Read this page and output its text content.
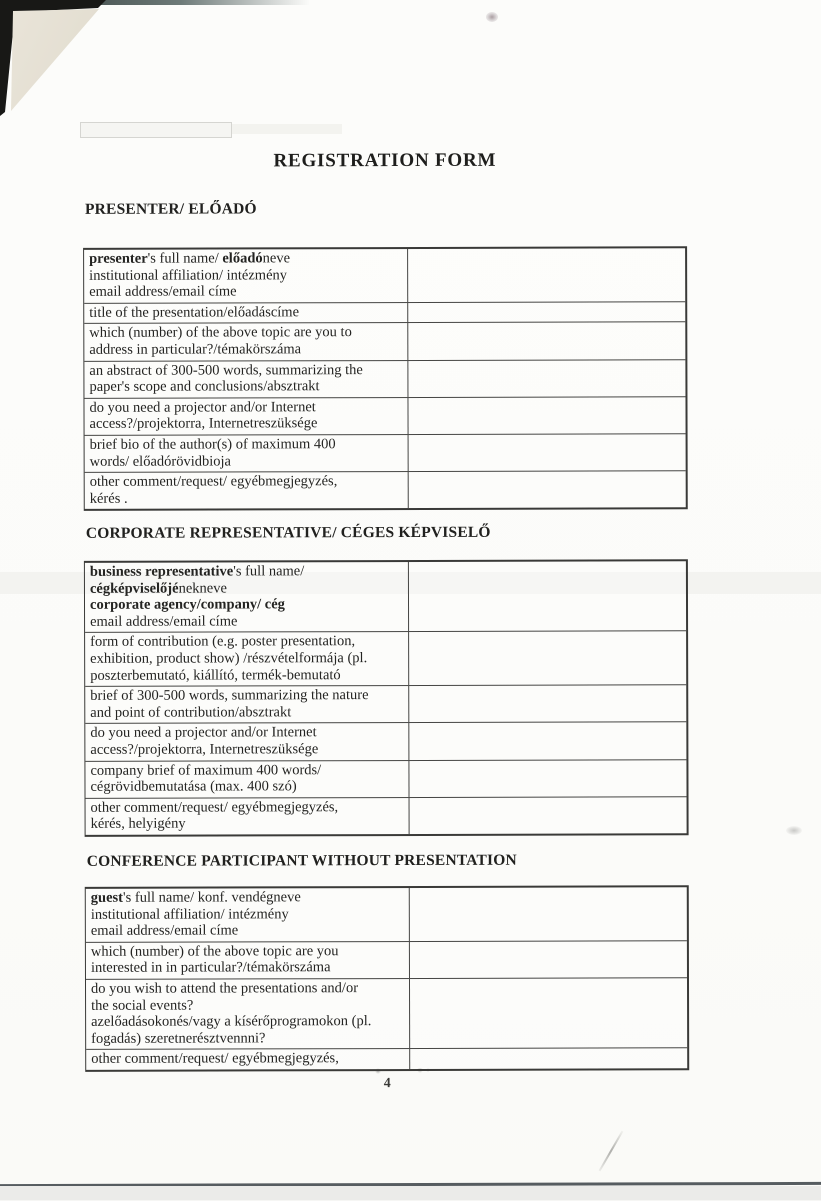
REGISTRATION FORM
PRESENTER/ ELŐADÓ
presenter's full name/ előadóneve
institutional affiliation/ intézmény
email address/email címe
title of the presentation/előadáscíme
which (number) of the above topic are you to
address in particular?/témakörszáma
an abstract of 300-500 words, summarizing the
paper's scope and conclusions/absztrakt
do you need a projector and/or Internet
access?/projektorra, Internetreszüksége
brief bio of the author(s) of maximum 400
words/ előadórövidbioja
other comment/request/ egyébmegjegyzés,
kérés .
CORPORATE REPRESENTATIVE/ CÉGES KÉPVISELŐ
business representative's full name/
cégképviselőjénekneve
corporate agency/company/ cég
email address/email címe
form of contribution (e.g. poster presentation,
exhibition, product show) /részvételformája (pl.
poszterbemutató, kiállító, termék-bemutató
brief of 300-500 words, summarizing the nature
and point of contribution/absztrakt
do you need a projector and/or Internet
access?/projektorra, Internetreszüksége
company brief of maximum 400 words/
cégrövidbemutatása (max. 400 szó)
other comment/request/ egyébmegjegyzés,
kérés, helyigény
CONFERENCE PARTICIPANT WITHOUT PRESENTATION
guest's full name/ konf. vendégneve
institutional affiliation/ intézmény
email address/email címe
which (number) of the above topic are you
interested in in particular?/témakörszáma
do you wish to attend the presentations and/or
the social events?
azelőadásokonés/vagy a kísérőprogramokon (pl.
fogadás) szeretnerésztvennni?
other comment/request/ egyébmegjegyzés,
4
